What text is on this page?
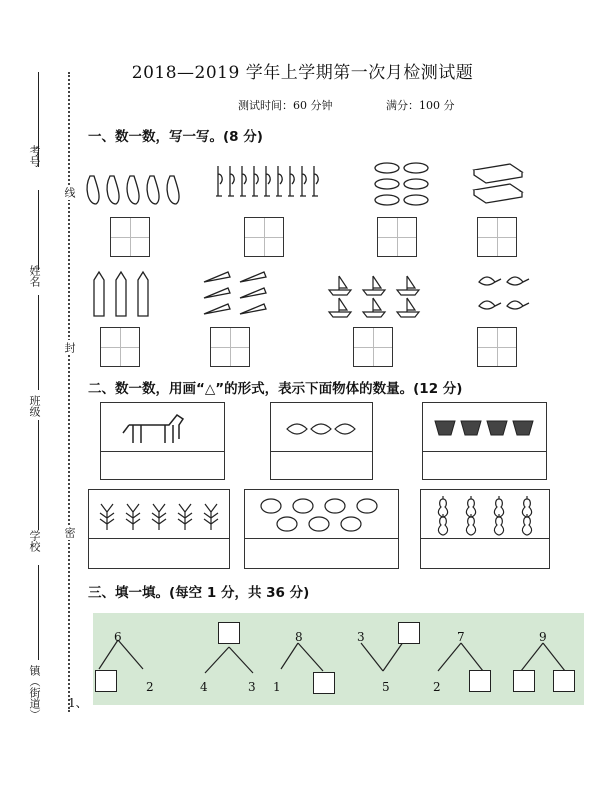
考号
姓名
班级
学校
镇（街道）
线
封
密
2018—2019 学年上学期第一次月检测试题
测试时间：60 分钟	满分：100 分
一、数一数，写一写。(8 分)
二、数一数，用画“△”的形式，表示下面物体的数量。(12 分)
三、填一填。(每空 1 分，共 36 分)
1、
6
2	4	3
8
1
3
5
7
2
9
